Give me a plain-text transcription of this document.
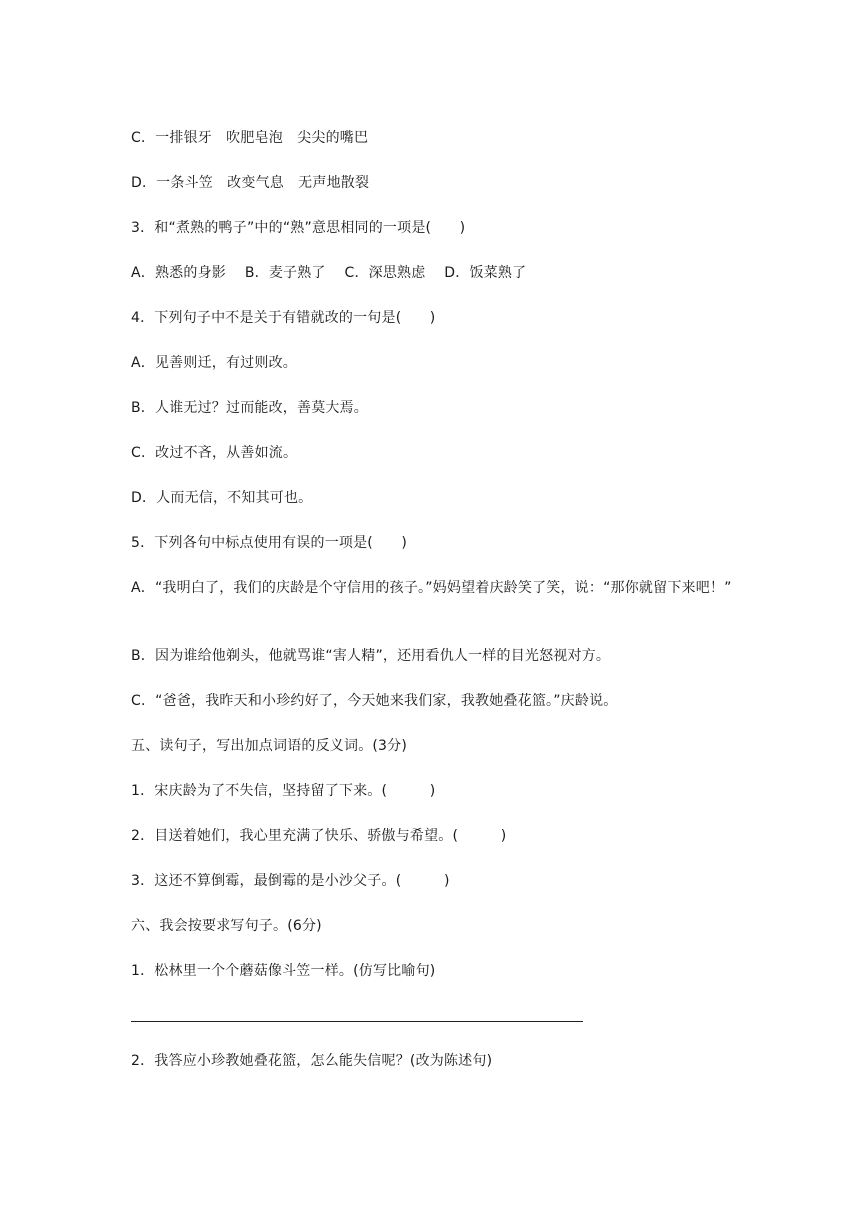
C．一排银牙　吹肥皂泡　尖尖的嘴巴
D．一条斗笠　改变气息　无声地散裂
3．和“煮熟的鸭子”中的“熟”意思相同的一项是(　　)
A．熟悉的身影　 B．麦子熟了　 C．深思熟虑　 D．饭菜熟了
4．下列句子中不是关于有错就改的一句是(　　)
A．见善则迁，有过则改。
B．人谁无过？过而能改，善莫大焉。
C．改过不吝，从善如流。
D．人而无信，不知其可也。
5．下列各句中标点使用有误的一项是(　　)
A．“我明白了，我们的庆龄是个守信用的孩子。”妈妈望着庆龄笑了笑，说：“那你就留下来吧！”
B．因为谁给他剃头，他就骂谁“害人精”，还用看仇人一样的目光怒视对方。
C．“爸爸，我昨天和小珍约好了，今天她来我们家，我教她叠花篮。”庆龄说。
五、读句子，写出加点词语的反义词。(3分)
1．宋庆龄为了不失信，坚持留了下来。(　　　)
2．目送着她们，我心里充满了快乐、骄傲与希望。(　　　)
3．这还不算倒霉，最倒霉的是小沙父子。(　　　)
六、我会按要求写句子。(6分)
1．松林里一个个蘑菇像斗笠一样。(仿写比喻句)
2．我答应小珍教她叠花篮，怎么能失信呢？(改为陈述句)
